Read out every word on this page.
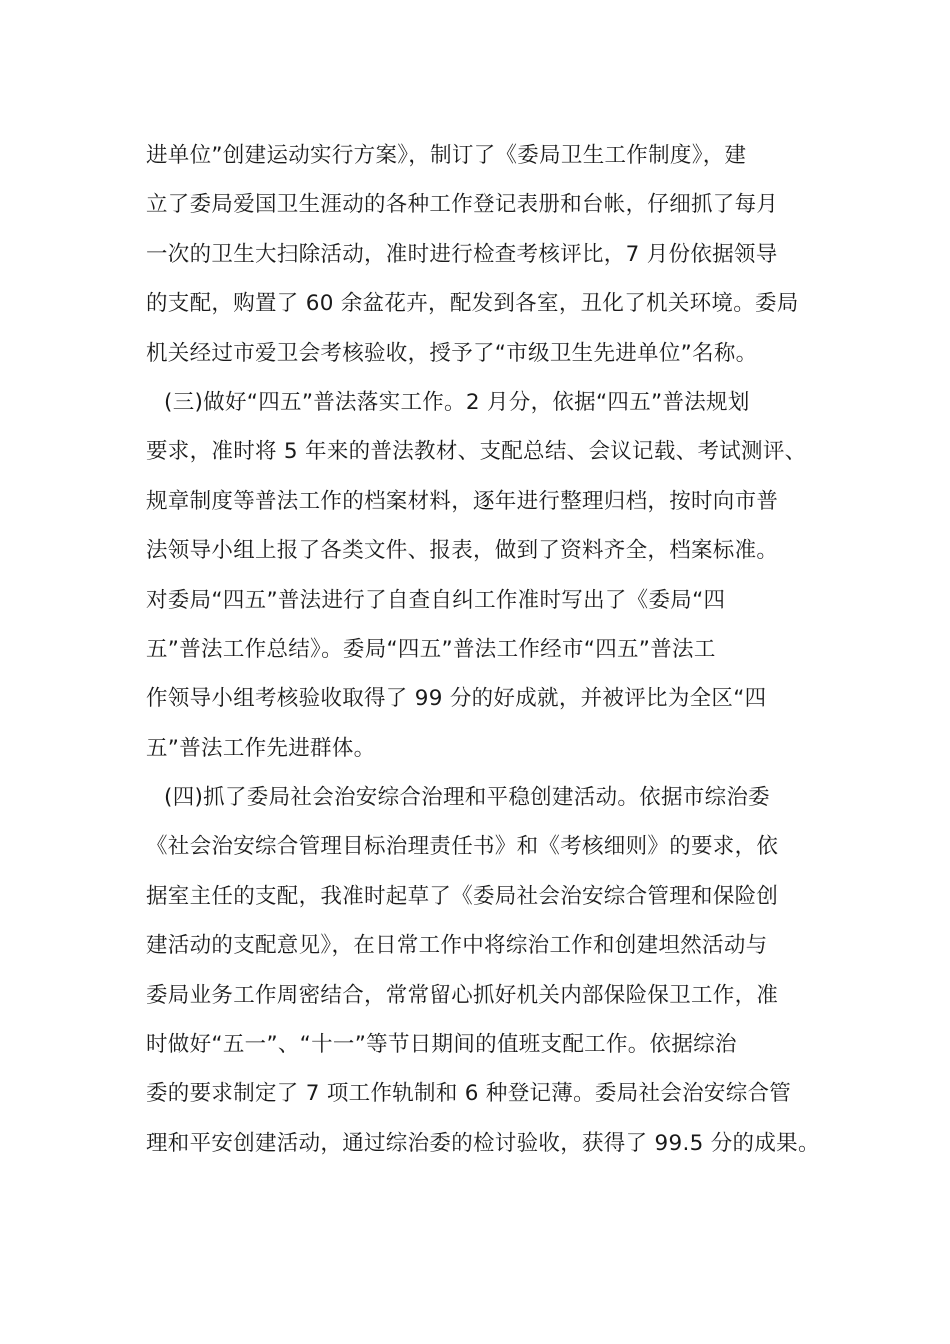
进单位”创建运动实行方案》，制订了《委局卫生工作制度》，建
立了委局爱国卫生涯动的各种工作登记表册和台帐，仔细抓了每月
一次的卫生大扫除活动，准时进行检查考核评比，7 月份依据领导
的支配，购置了 60 余盆花卉，配发到各室，丑化了机关环境。委局
机关经过市爱卫会考核验收，授予了“市级卫生先进单位”名称。
(三)做好“四五”普法落实工作。2 月分，依据“四五”普法规划
要求，准时将 5 年来的普法教材、支配总结、会议记载、考试测评、
规章制度等普法工作的档案材料，逐年进行整理归档，按时向市普
法领导小组上报了各类文件、报表，做到了资料齐全，档案标准。
对委局“四五”普法进行了自查自纠工作准时写出了《委局“四
五”普法工作总结》。委局“四五”普法工作经市“四五”普法工
作领导小组考核验收取得了 99 分的好成就，并被评比为全区“四
五”普法工作先进群体。
(四)抓了委局社会治安综合治理和平稳创建活动。依据市综治委
《社会治安综合管理目标治理责任书》和《考核细则》的要求，依
据室主任的支配，我准时起草了《委局社会治安综合管理和保险创
建活动的支配意见》，在日常工作中将综治工作和创建坦然活动与
委局业务工作周密结合，常常留心抓好机关内部保险保卫工作，准
时做好“五一”、“十一”等节日期间的值班支配工作。依据综治
委的要求制定了 7 项工作轨制和 6 种登记薄。委局社会治安综合管
理和平安创建活动，通过综治委的检讨验收，获得了 99.5 分的成果。
